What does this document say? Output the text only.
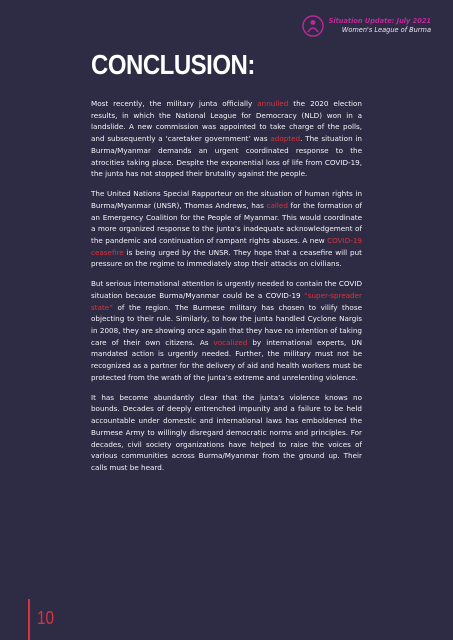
Situation Update: July 2021
Women's League of Burma
CONCLUSION:

Most recently, the military junta officially annulled the 2020 election results, in which the National League for Democracy (NLD) won in a landslide. A new commission was appointed to take charge of the polls, and subsequently a ‘caretaker government’ was adopted. The situation in Burma/Myanmar demands an urgent coordinated response to the atrocities taking place. Despite the exponential loss of life from COVID-19, the junta has not stopped their brutality against the people.

The United Nations Special Rapporteur on the situation of human rights in Burma/Myanmar (UNSR), Thomas Andrews, has called for the formation of an Emergency Coalition for the People of Myanmar. This would coordinate a more organized response to the junta’s inadequate acknowledgement of the pandemic and continuation of rampant rights abuses. A new COVID-19 ceasefire is being urged by the UNSR. They hope that a ceasefire will put pressure on the regime to immediately stop their attacks on civilians.

But serious international attention is urgently needed to contain the COVID situation because Burma/Myanmar could be a COVID-19 “super-spreader state” of the region. The Burmese military has chosen to vilify those objecting to their rule. Similarly, to how the junta handled Cyclone Nargis in 2008, they are showing once again that they have no intention of taking care of their own citizens. As vocalized by international experts, UN mandated action is urgently needed. Further, the military must not be recognized as a partner for the delivery of aid and health workers must be protected from the wrath of the junta’s extreme and unrelenting violence.

It has become abundantly clear that the junta’s violence knows no bounds. Decades of deeply entrenched impunity and a failure to be held accountable under domestic and international laws has emboldened the Burmese Army to willingly disregard democratic norms and principles. For decades, civil society organizations have helped to raise the voices of various communities across Burma/Myanmar from the ground up. Their calls must be heard.

10
